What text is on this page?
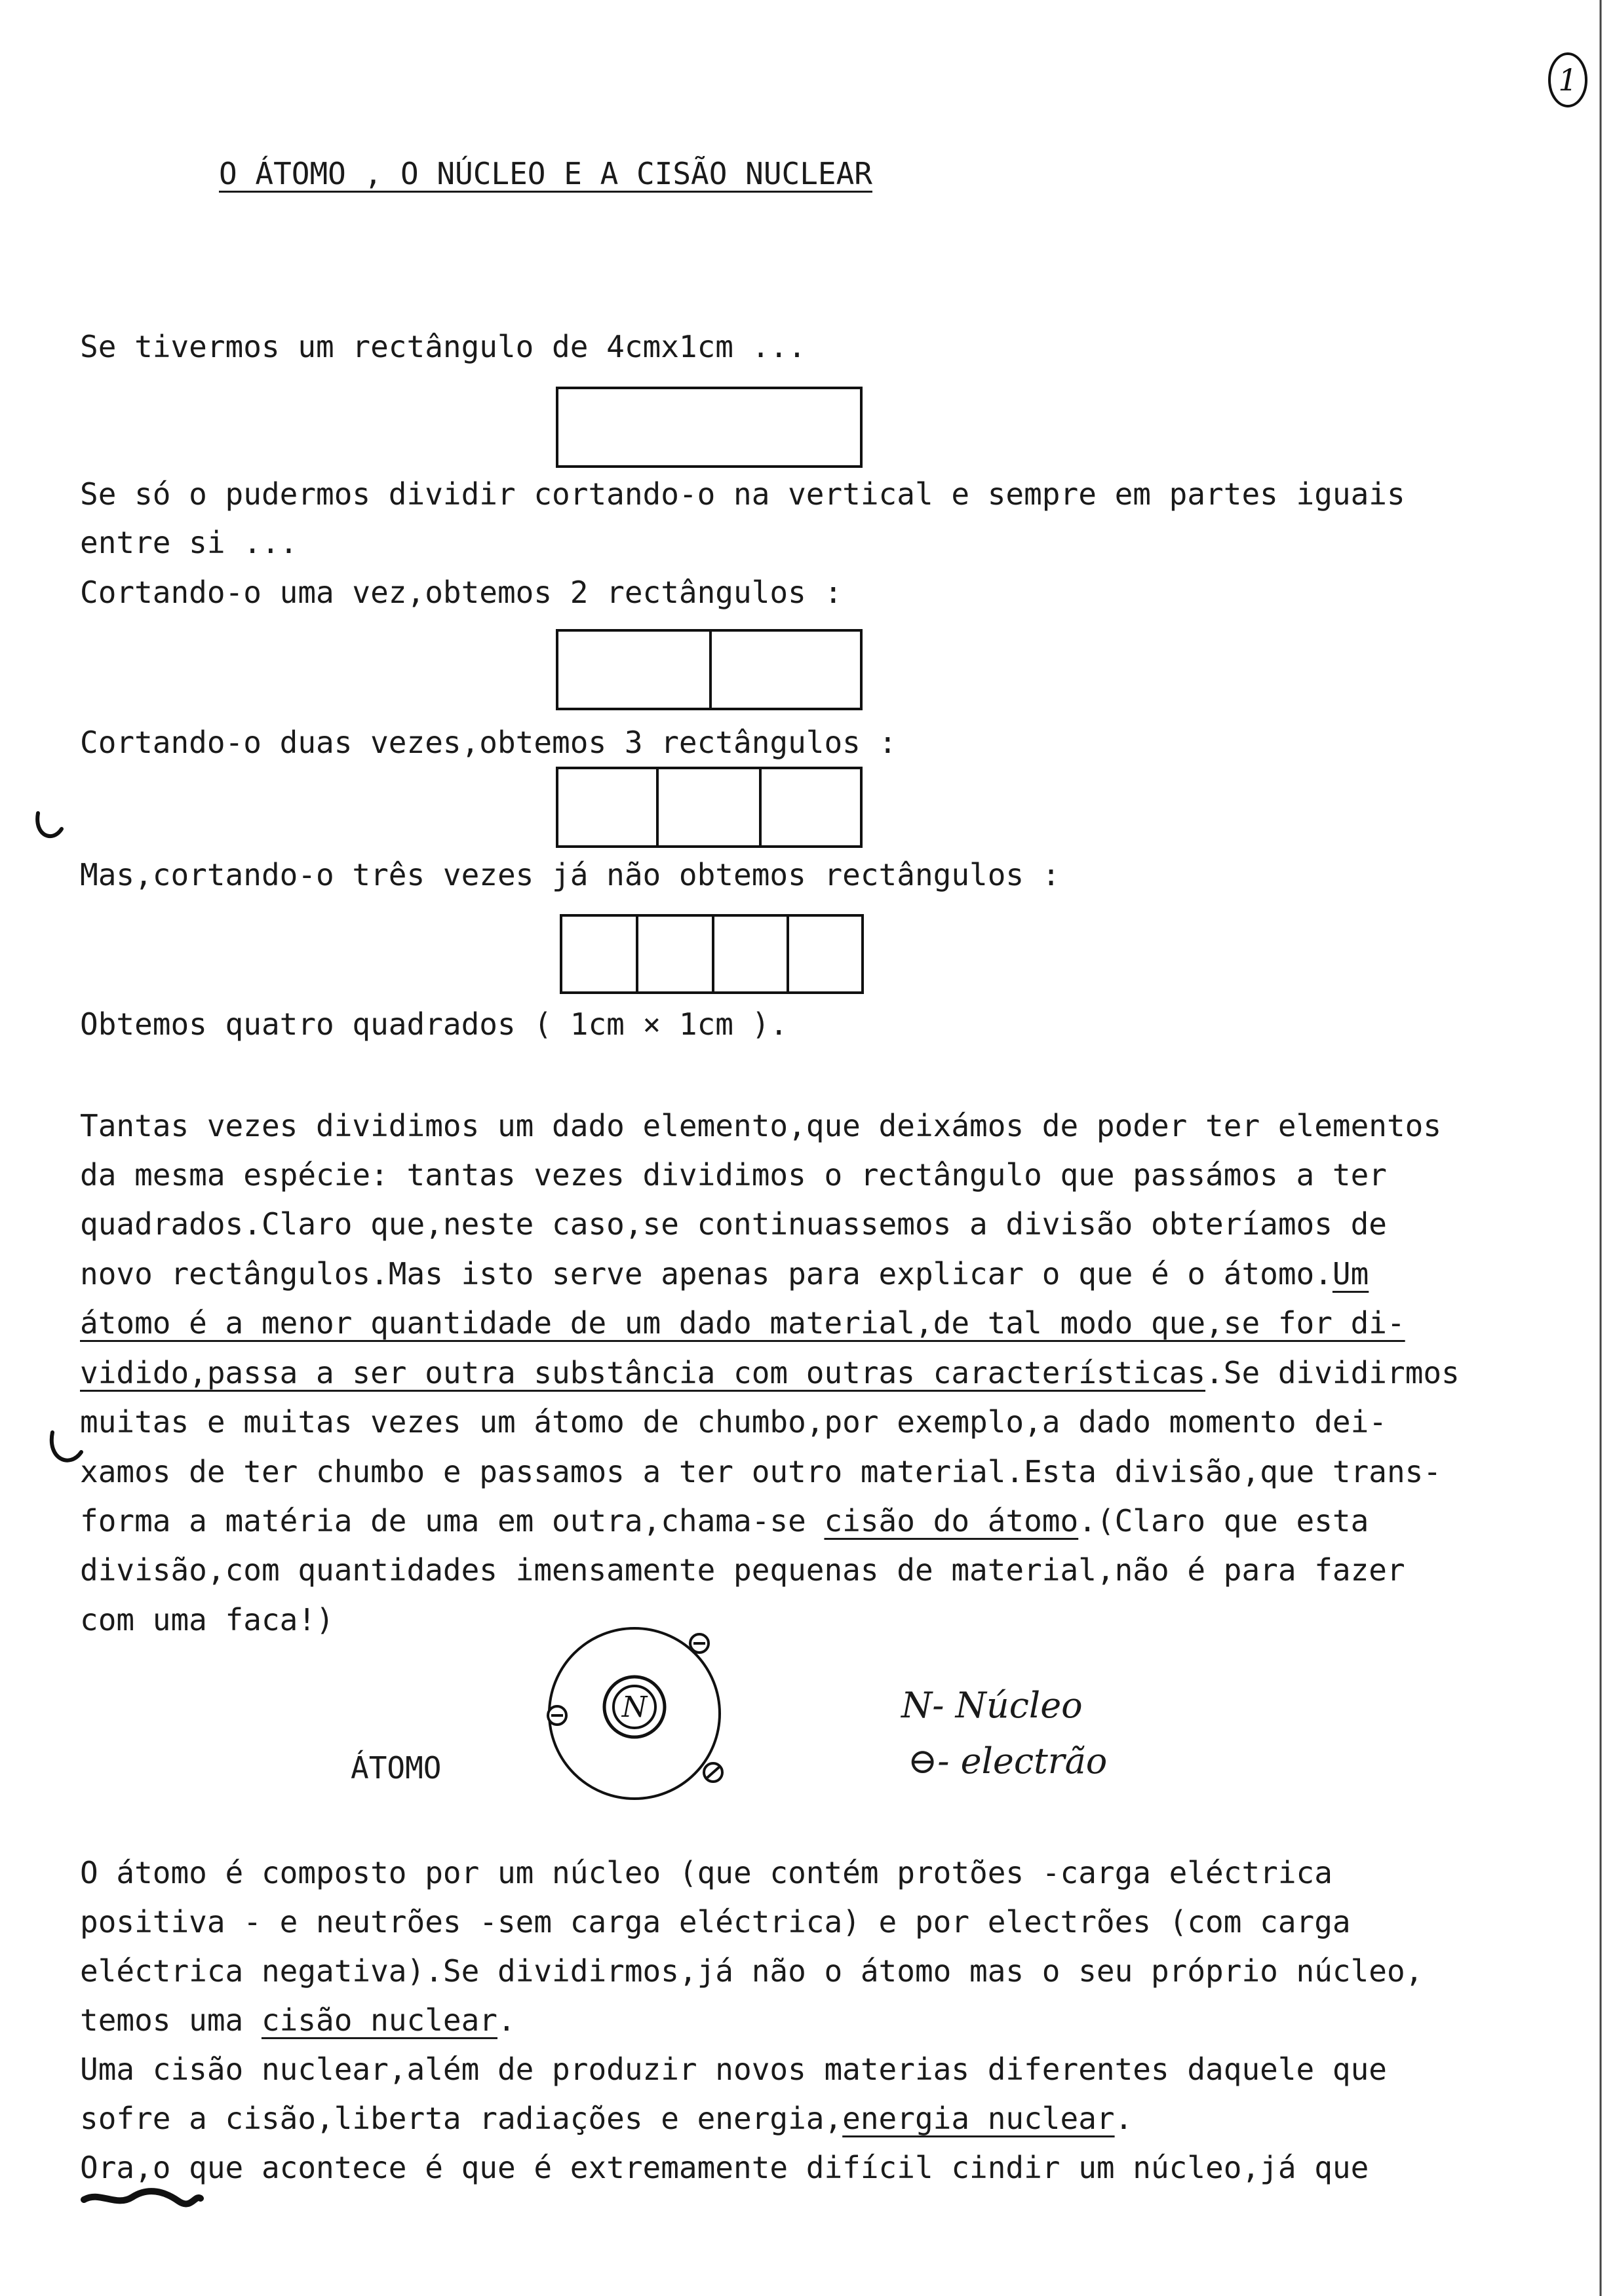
1
O ÁTOMO , O NÚCLEO E A CISÃO NUCLEAR
Se tivermos um rectângulo de 4cmx1cm ...
Se só o pudermos dividir cortando-o na vertical e sempre em partes iguais
entre si ...
Cortando-o uma vez,obtemos 2 rectângulos :
Cortando-o duas vezes,obtemos 3 rectângulos :
Mas,cortando-o três vezes já não obtemos rectângulos :
Obtemos quatro quadrados ( 1cm × 1cm ).
Tantas vezes dividimos um dado elemento,que deixámos de poder ter elementos
da mesma espécie: tantas vezes dividimos o rectângulo que passámos a ter
quadrados.Claro que,neste caso,se continuassemos a divisão obteríamos de
novo rectângulos.Mas isto serve apenas para explicar o que é o átomo.Um
átomo é a menor quantidade de um dado material,de tal modo que,se for di-
vidido,passa a ser outra substância com outras características.Se dividirmos
muitas e muitas vezes um átomo de chumbo,por exemplo,a dado momento dei-
xamos de ter chumbo e passamos a ter outro material.Esta divisão,que trans-
forma a matéria de uma em outra,chama-se cisão do átomo.(Claro que esta
divisão,com quantidades imensamente pequenas de material,não é para fazer
com uma faca!)
N
ÁTOMO
N- Núcleo
⊖- electrão
O átomo é composto por um núcleo (que contém protões -carga eléctrica
positiva - e neutrões -sem carga eléctrica) e por electrões (com carga
eléctrica negativa).Se dividirmos,já não o átomo mas o seu próprio núcleo,
temos uma cisão nuclear.
Uma cisão nuclear,além de produzir novos materias diferentes daquele que
sofre a cisão,liberta radiações e energia,energia nuclear.
Ora,o que acontece é que é extremamente difícil cindir um núcleo,já que
